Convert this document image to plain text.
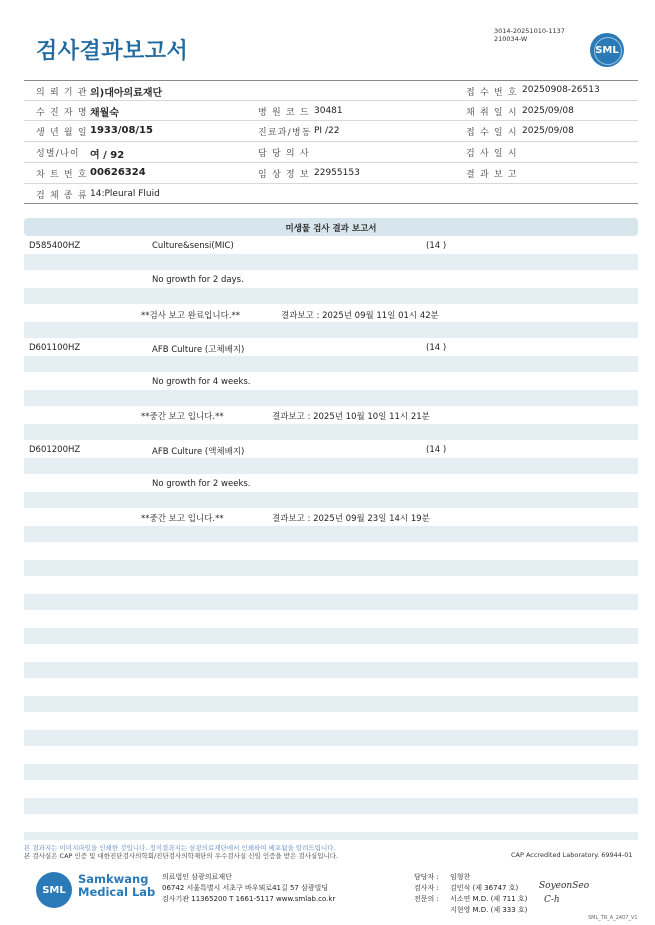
검사결과보고서
3014-20251010-1137
210034-W
SML
의 뢰 기 관 의)대아의료재단	접 수 번 호 20250908-26513
수 진 자 명 채월숙	병 원 코 드 30481	채 취 일 시 2025/09/08
생 년 월 일 1933/08/15	진료과/병동 PI /22	접 수 일 시 2025/09/08
성별/나이 여 / 92	담 당 의 사	검 사 일 시
차 트 번 호 00626324	임 상 정 보 22955153	결 과 보 고
검 체 종 류 14:Pleural Fluid
미생물 검사 결과 보고서
D585400HZ	Culture&sensi(MIC)	(14 )
No growth for 2 days.
**검사 보고 완료입니다.**	결과보고 : 2025년 09월 11일 01시 42분
D601100HZ	AFB Culture (고체배지)	(14 )
No growth for 4 weeks.
**중간 보고 입니다.**	결과보고 : 2025년 10월 10일 11시 21분
D601200HZ	AFB Culture (액체배지)	(14 )
No growth for 2 weeks.
**중간 보고 입니다.**	결과보고 : 2025년 09월 23일 14시 19분
본 결과지는 이미지파일을 인쇄한 것입니다. 정식결과지는 삼광의료재단에서 인쇄하여 배포됨을 알려드립니다.
본 검사실은 CAP 인증 및 대한진단검사의학회/진단검사의학재단의 우수검사실 신임 인증을 받은 검사실입니다.	CAP Accredited Laboratory. 69944-01
SML
Samkwang
Medical Lab
의료법인 삼광의료재단
06742 서울특별시 서초구 바우뫼로41길 57 삼광빌딩
검사기관 11365200 T 1661-5117 www.smlab.co.kr
담당자 : 임형찬
검사자 : 김민식 (제 36747 호)
전문의 : 서소연 M.D. (제 711 호)
지현영 M.D. (제 333 호)
SoyeonSeo
C-h
SML_TR_A_2407_V1
